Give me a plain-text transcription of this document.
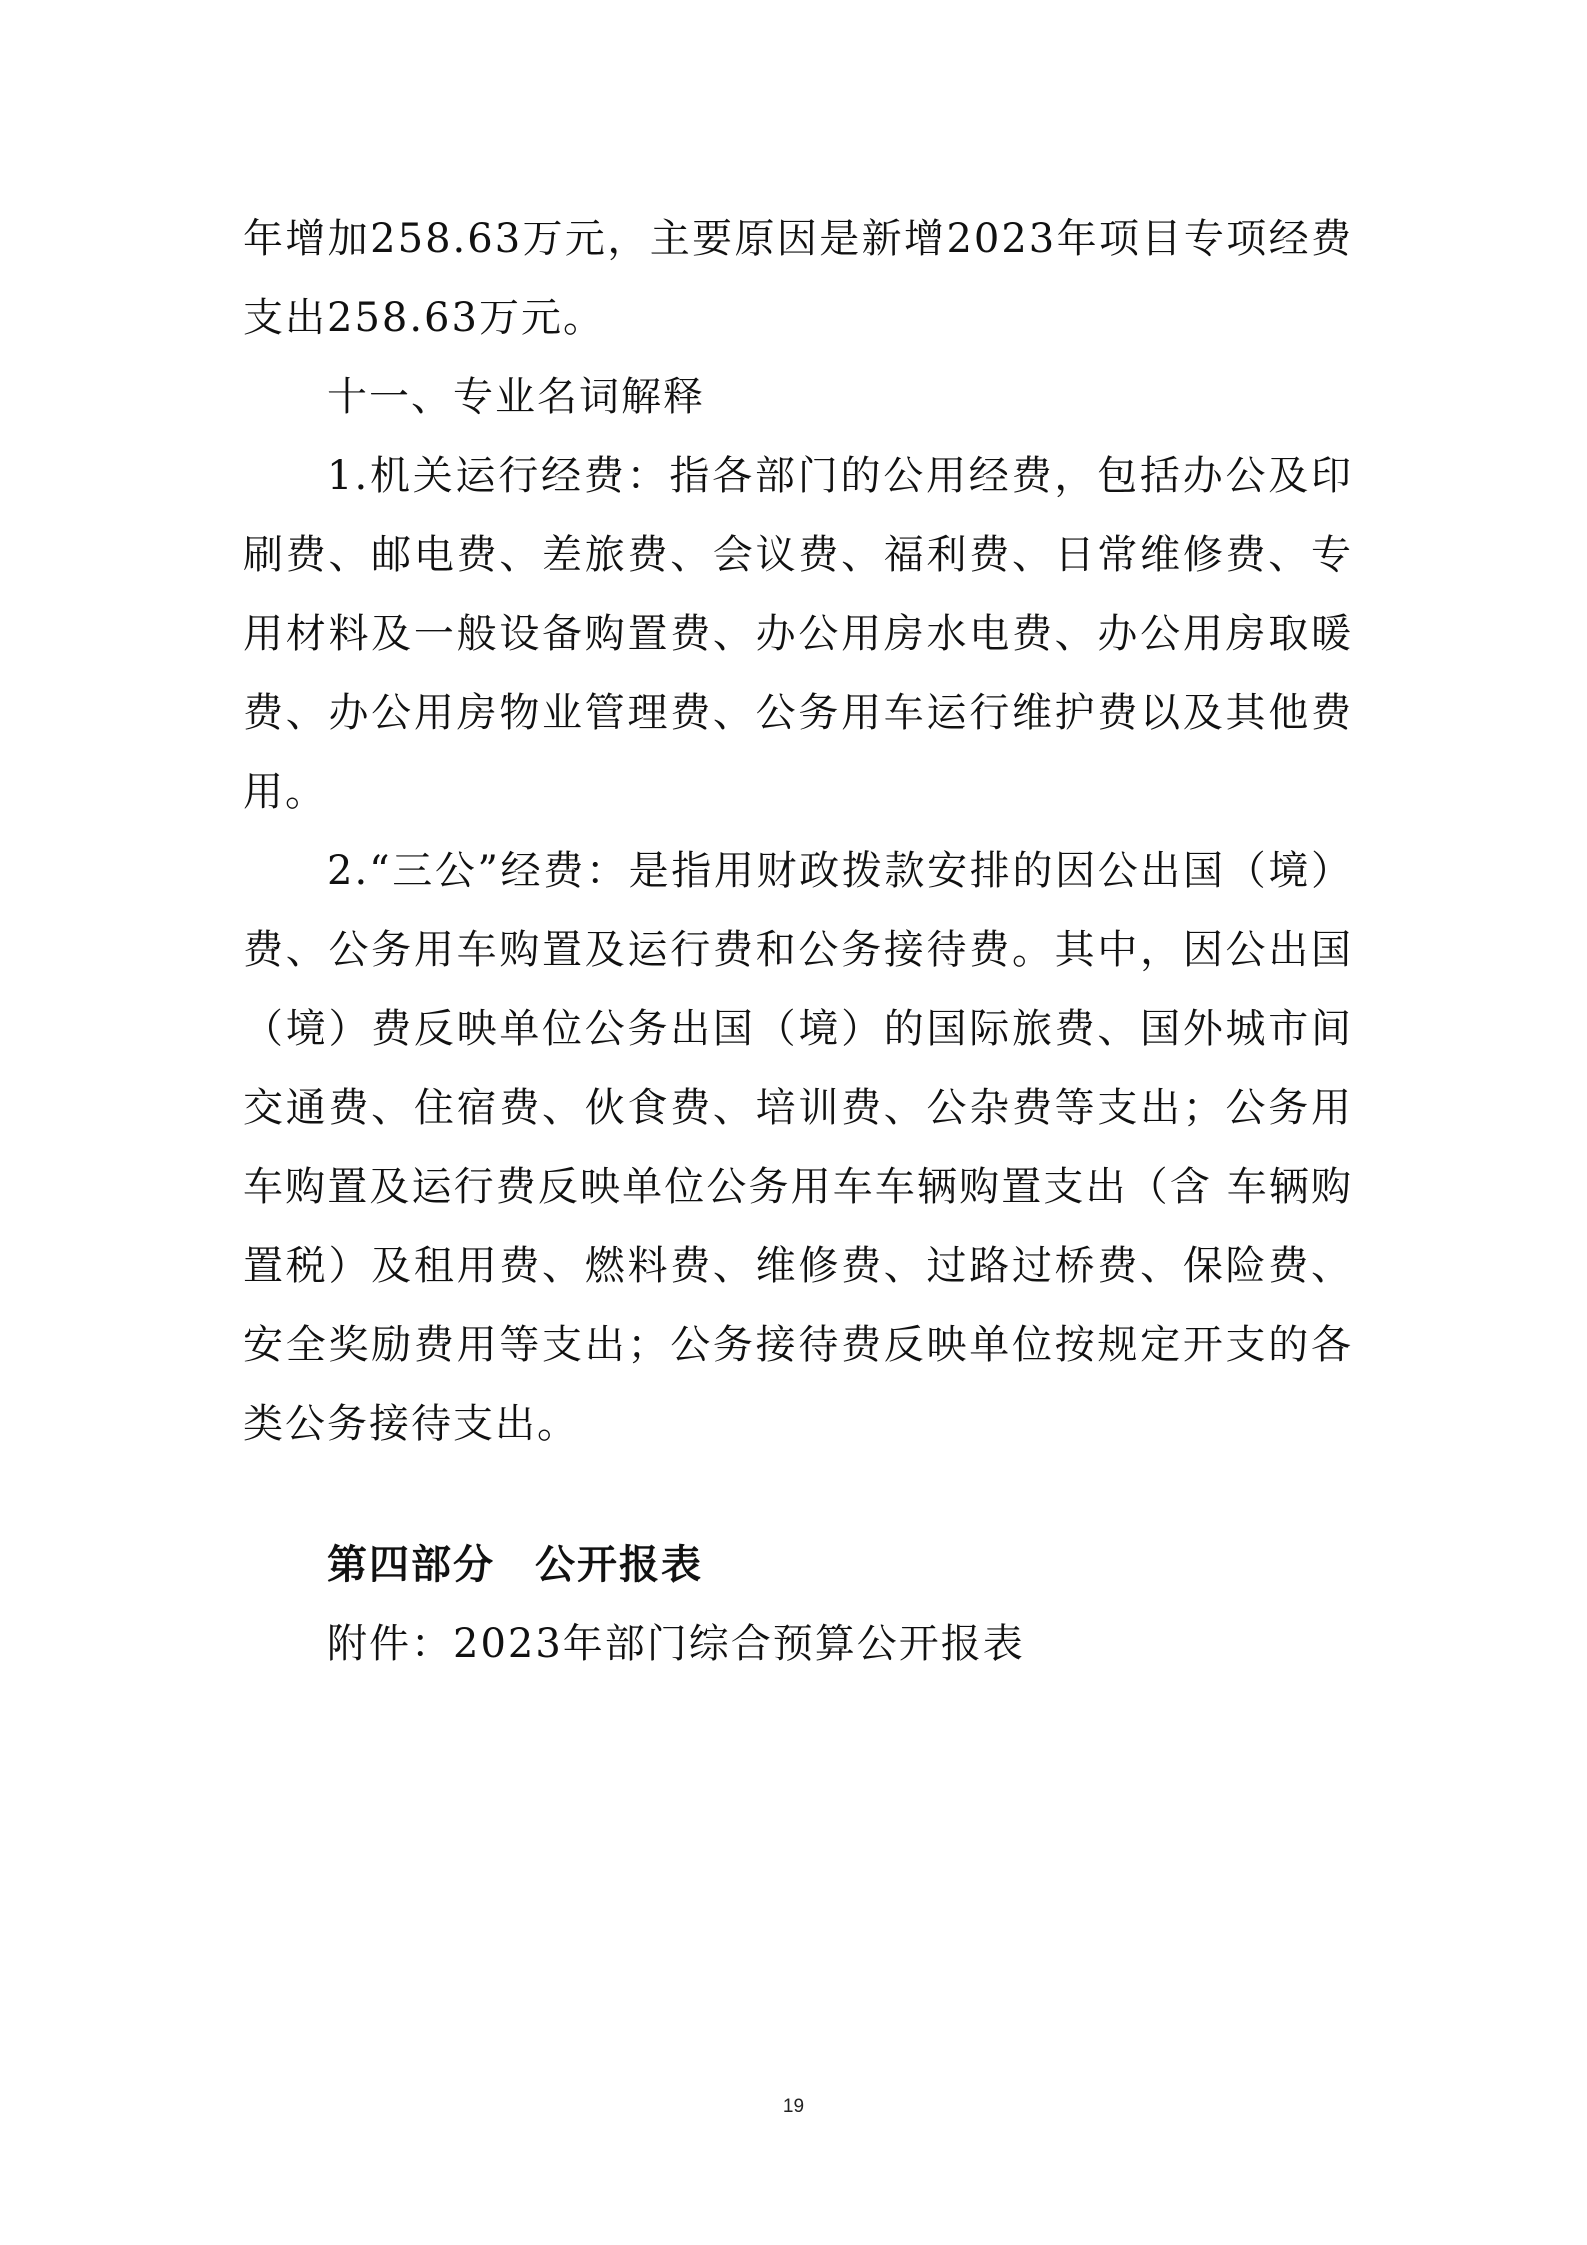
年增加258.63万元，主要原因是新增2023年项目专项经费支出258.63万元。

十一、专业名词解释

1.机关运行经费：指各部门的公用经费，包括办公及印刷费、邮电费、差旅费、会议费、福利费、日常维修费、专用材料及一般设备购置费、办公用房水电费、办公用房取暖费、办公用房物业管理费、公务用车运行维护费以及其他费用。

2.“三公”经费：是指用财政拨款安排的因公出国（境）费、公务用车购置及运行费和公务接待费。其中，因公出国（境）费反映单位公务出国（境）的国际旅费、国外城市间交通费、住宿费、伙食费、培训费、公杂费等支出；公务用车购置及运行费反映单位公务用车车辆购置支出（含 车辆购置税）及租用费、燃料费、维修费、过路过桥费、保险费、安全奖励费用等支出；公务接待费反映单位按规定开支的各类公务接待支出。

第四部分 公开报表

附件：2023年部门综合预算公开报表

19
